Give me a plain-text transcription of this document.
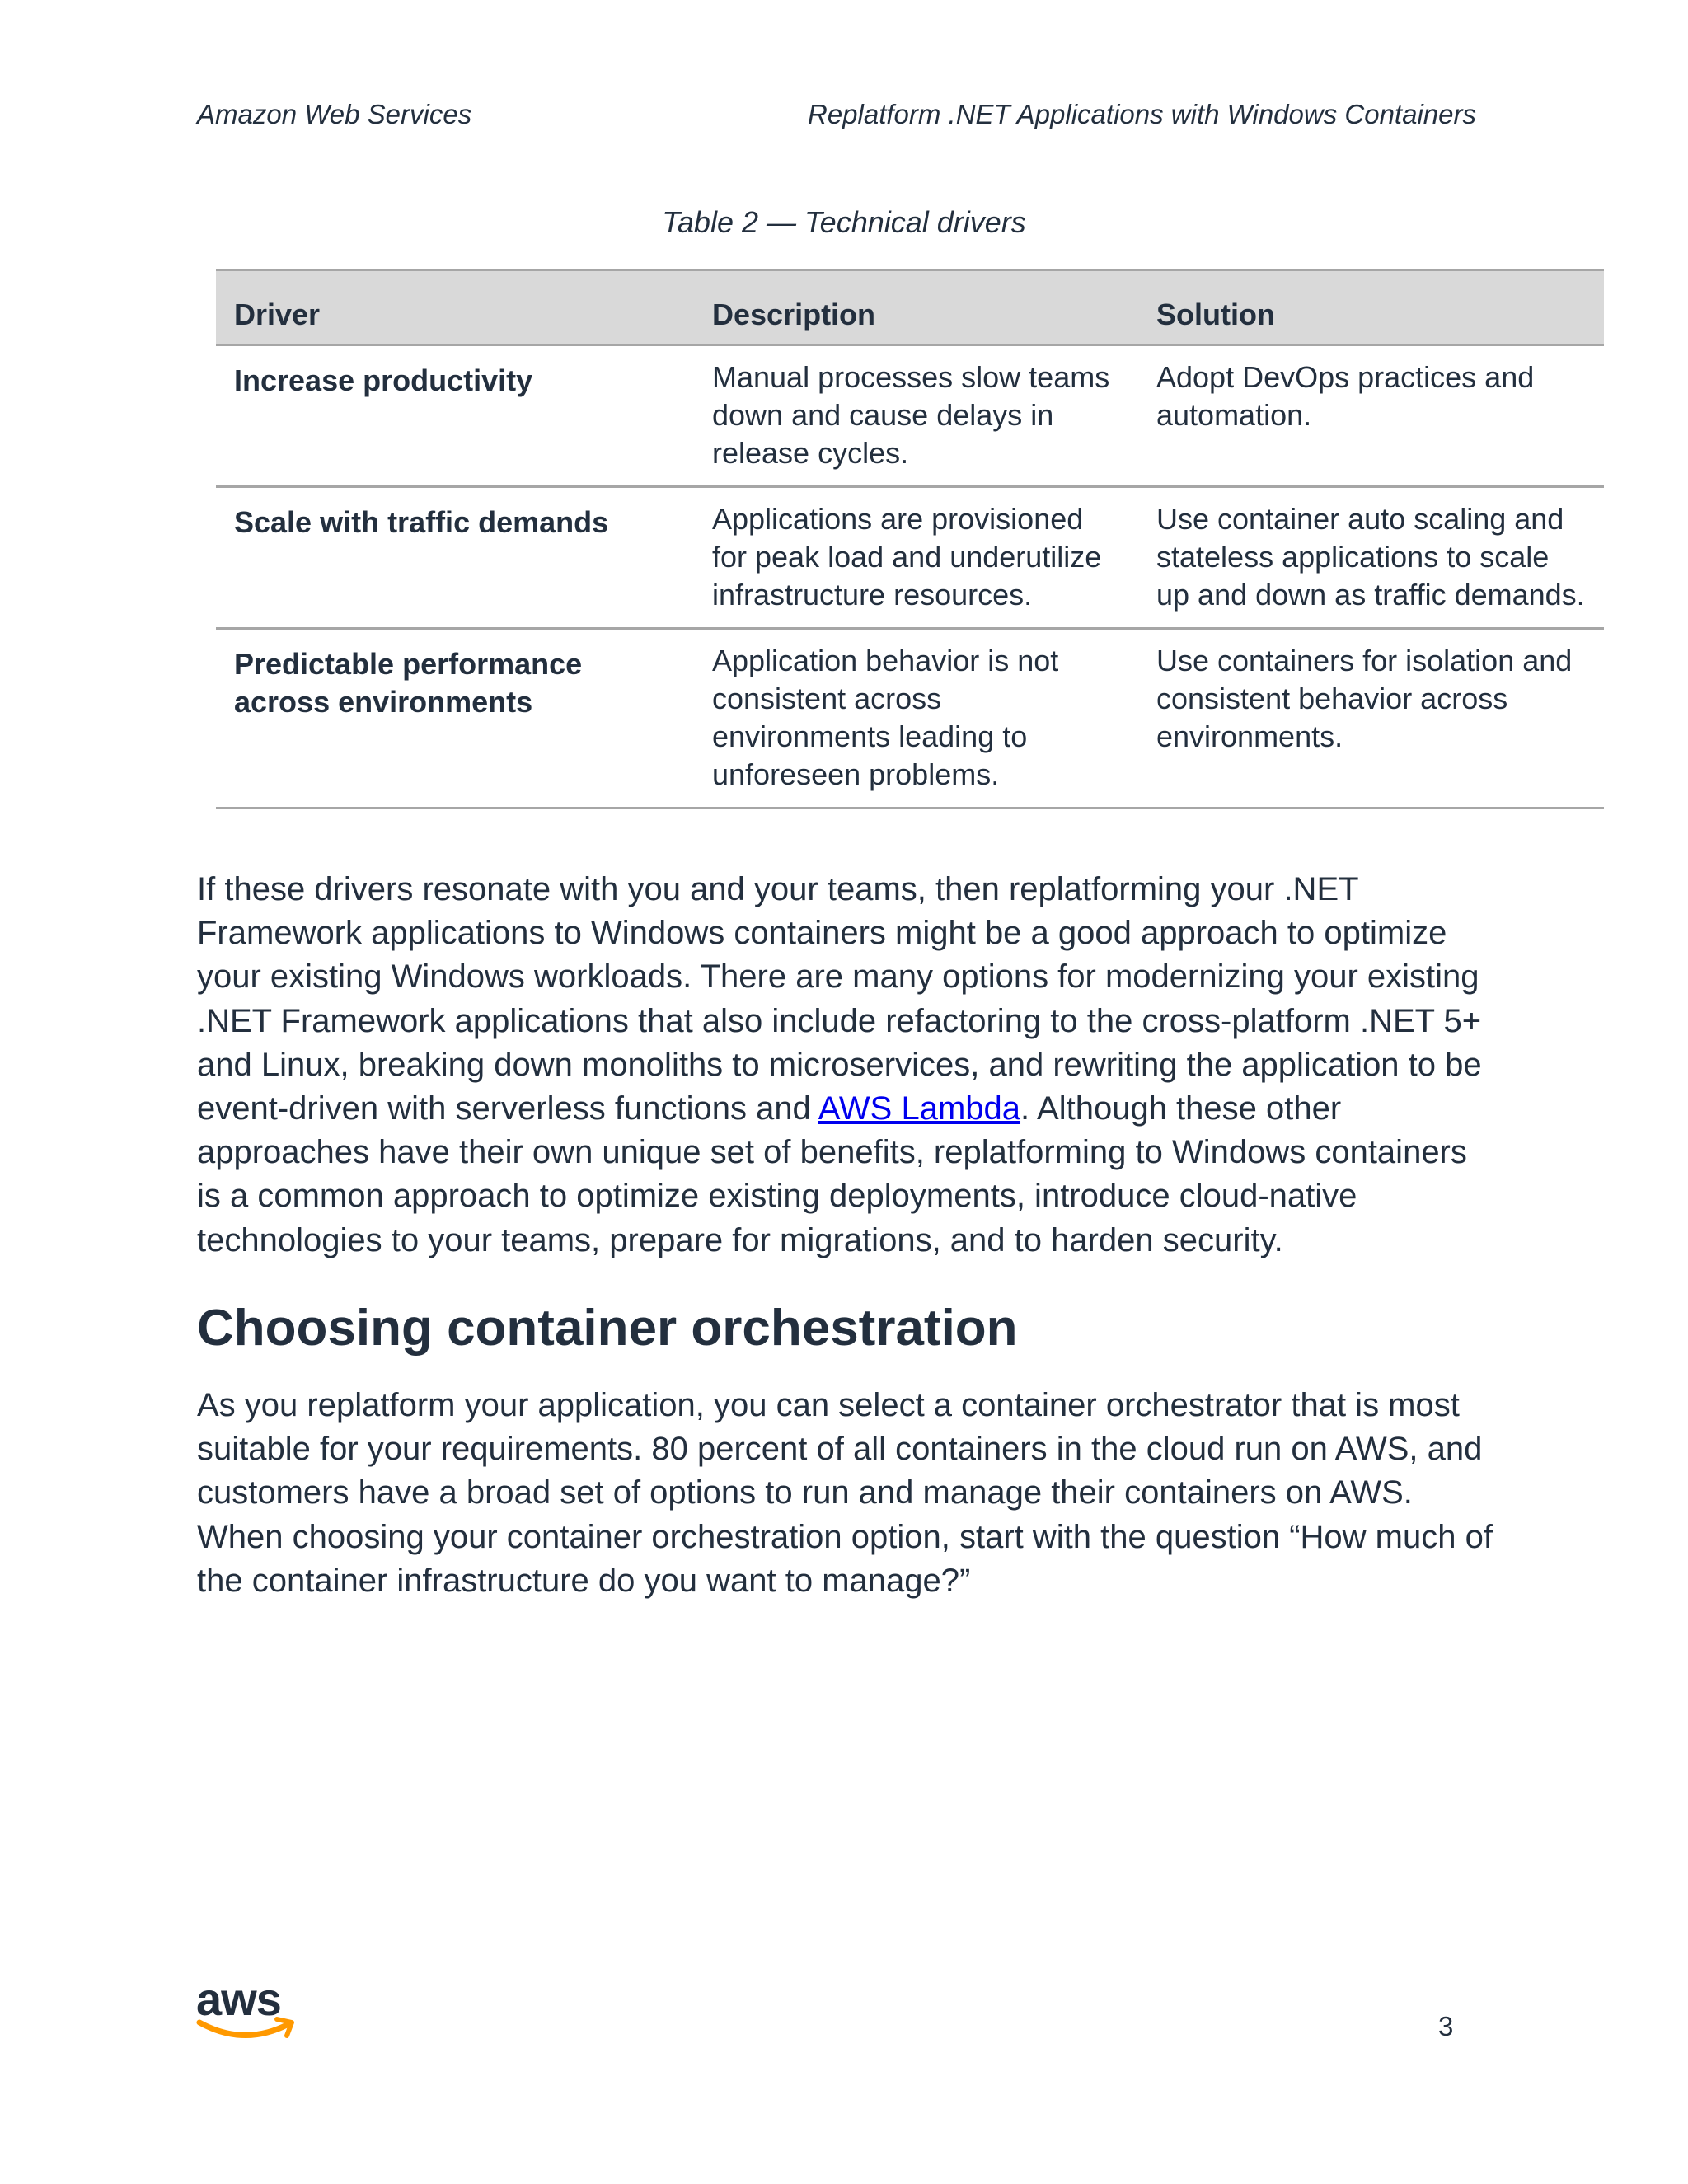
Amazon Web Services	Replatform .NET Applications with Windows Containers
Table 2 — Technical drivers
Driver	Description	Solution
Increase productivity	Manual processes slow teams down and cause delays in release cycles.	Adopt DevOps practices and automation.
Scale with traffic demands	Applications are provisioned for peak load and underutilize infrastructure resources.	Use container auto scaling and stateless applications to scale up and down as traffic demands.
Predictable performance across environments	Application behavior is not consistent across environments leading to unforeseen problems.	Use containers for isolation and consistent behavior across environments.

If these drivers resonate with you and your teams, then replatforming your .NET Framework applications to Windows containers might be a good approach to optimize your existing Windows workloads. There are many options for modernizing your existing .NET Framework applications that also include refactoring to the cross-platform .NET 5+ and Linux, breaking down monoliths to microservices, and rewriting the application to be event-driven with serverless functions and AWS Lambda. Although these other approaches have their own unique set of benefits, replatforming to Windows containers is a common approach to optimize existing deployments, introduce cloud-native technologies to your teams, prepare for migrations, and to harden security.

Choosing container orchestration

As you replatform your application, you can select a container orchestrator that is most suitable for your requirements. 80 percent of all containers in the cloud run on AWS, and customers have a broad set of options to run and manage their containers on AWS. When choosing your container orchestration option, start with the question “How much of the container infrastructure do you want to manage?”

aws
3
